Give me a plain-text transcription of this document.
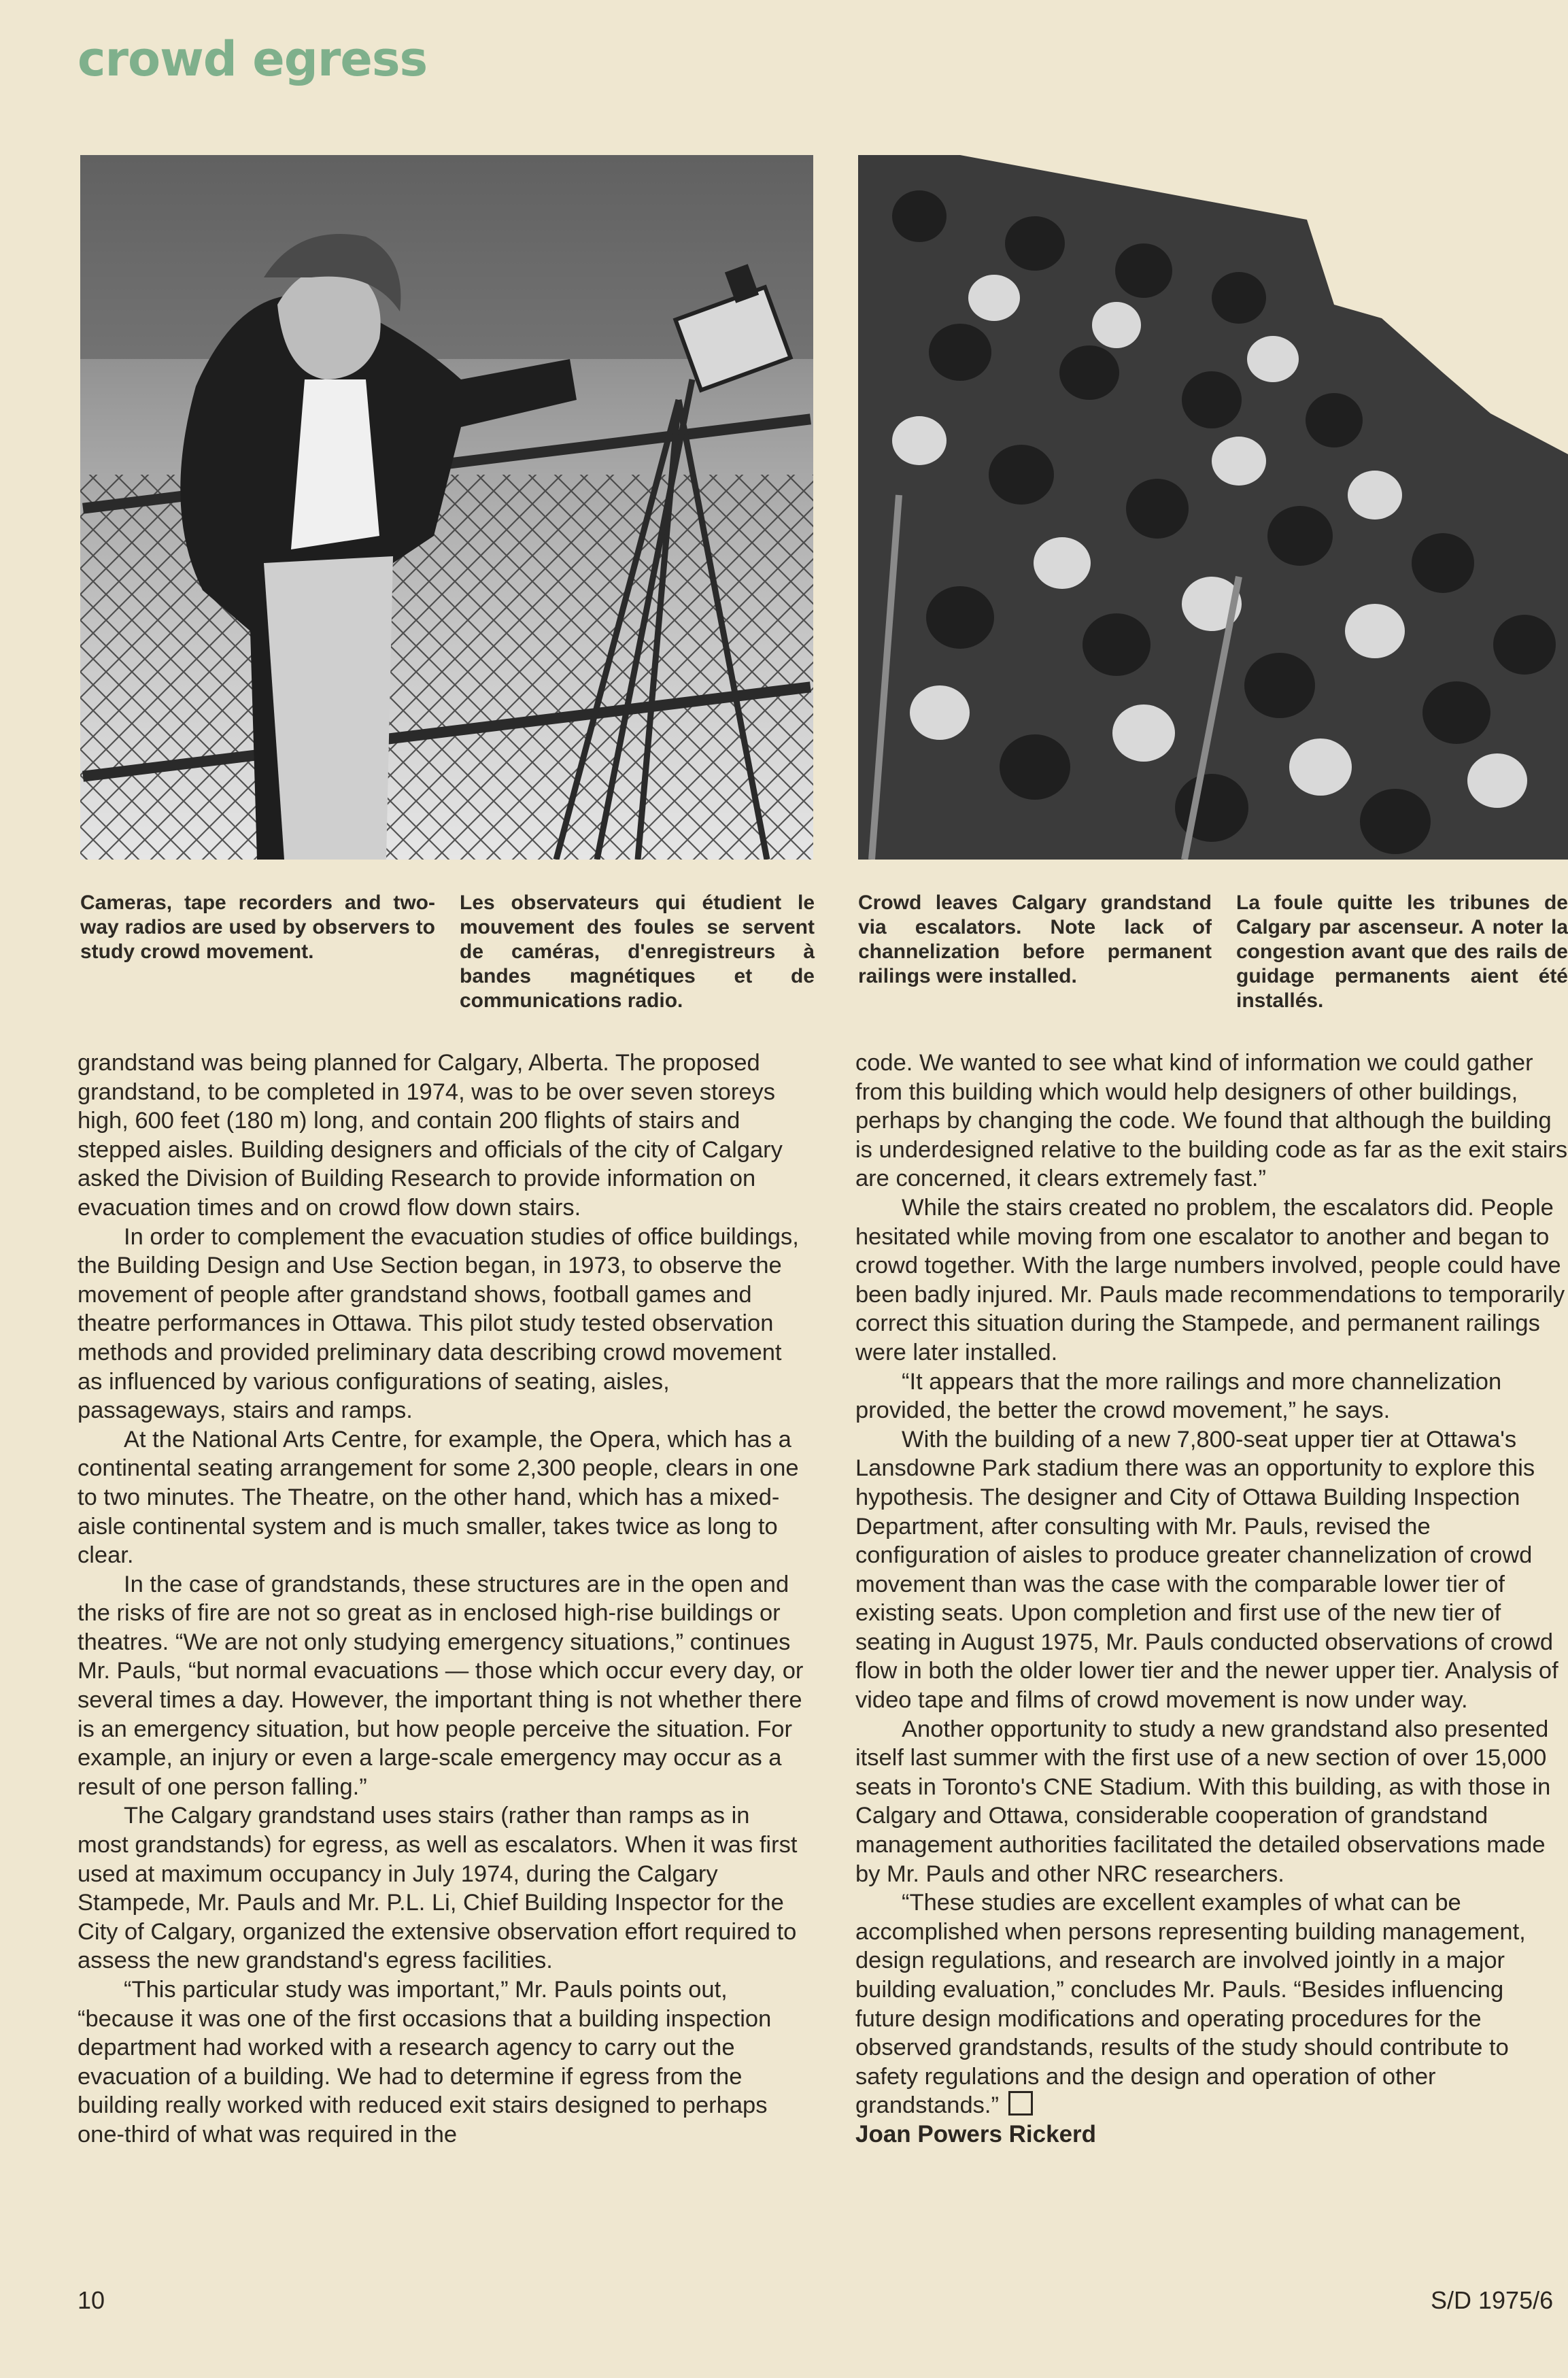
crowd egress

Cameras, tape recorders and two-way radios are used by observers to study crowd movement.

Les observateurs qui étudient le mouvement des foules se servent de caméras, d'enregistreurs à bandes magnétiques et de communications radio.

Crowd leaves Calgary grandstand via escalators. Note lack of channelization before permanent railings were installed.

La foule quitte les tribunes de Calgary par ascenseur. A noter la congestion avant que des rails de guidage permanents aient été installés.

grandstand was being planned for Calgary, Alberta. The proposed grandstand, to be completed in 1974, was to be over seven storeys high, 600 feet (180 m) long, and contain 200 flights of stairs and stepped aisles. Building designers and officials of the city of Calgary asked the Division of Building Research to provide information on evacuation times and on crowd flow down stairs.

In order to complement the evacuation studies of office buildings, the Building Design and Use Section began, in 1973, to observe the movement of people after grandstand shows, football games and theatre performances in Ottawa. This pilot study tested observation methods and provided preliminary data describing crowd movement as influenced by various configurations of seating, aisles, passageways, stairs and ramps.

At the National Arts Centre, for example, the Opera, which has a continental seating arrangement for some 2,300 people, clears in one to two minutes. The Theatre, on the other hand, which has a mixed-aisle continental system and is much smaller, takes twice as long to clear.

In the case of grandstands, these structures are in the open and the risks of fire are not so great as in enclosed high-rise buildings or theatres. “We are not only studying emergency situations,” continues Mr. Pauls, “but normal evacuations — those which occur every day, or several times a day. However, the important thing is not whether there is an emergency situation, but how people perceive the situation. For example, an injury or even a large-scale emergency may occur as a result of one person falling.”

The Calgary grandstand uses stairs (rather than ramps as in most grandstands) for egress, as well as escalators. When it was first used at maximum occupancy in July 1974, during the Calgary Stampede, Mr. Pauls and Mr. P.L. Li, Chief Building Inspector for the City of Calgary, organized the extensive observation effort required to assess the new grandstand's egress facilities.

“This particular study was important,” Mr. Pauls points out, “because it was one of the first occasions that a building inspection department had worked with a research agency to carry out the evacuation of a building. We had to determine if egress from the building really worked with reduced exit stairs designed to perhaps one-third of what was required in the

code. We wanted to see what kind of information we could gather from this building which would help designers of other buildings, perhaps by changing the code. We found that although the building is underdesigned relative to the building code as far as the exit stairs are concerned, it clears extremely fast.”

While the stairs created no problem, the escalators did. People hesitated while moving from one escalator to another and began to crowd together. With the large numbers involved, people could have been badly injured. Mr. Pauls made recommendations to temporarily correct this situation during the Stampede, and permanent railings were later installed.

“It appears that the more railings and more channelization provided, the better the crowd movement,” he says.

With the building of a new 7,800-seat upper tier at Ottawa's Lansdowne Park stadium there was an opportunity to explore this hypothesis. The designer and City of Ottawa Building Inspection Department, after consulting with Mr. Pauls, revised the configuration of aisles to produce greater channelization of crowd movement than was the case with the comparable lower tier of existing seats. Upon completion and first use of the new tier of seating in August 1975, Mr. Pauls conducted observations of crowd flow in both the older lower tier and the newer upper tier. Analysis of video tape and films of crowd movement is now under way.

Another opportunity to study a new grandstand also presented itself last summer with the first use of a new section of over 15,000 seats in Toronto's CNE Stadium. With this building, as with those in Calgary and Ottawa, considerable cooperation of grandstand management authorities facilitated the detailed observations made by Mr. Pauls and other NRC researchers.

“These studies are excellent examples of what can be accomplished when persons representing building management, design regulations, and research are involved jointly in a major building evaluation,” concludes Mr. Pauls. “Besides influencing future design modifications and operating procedures for the observed grandstands, results of the study should contribute to safety regulations and the design and operation of other grandstands.”

Joan Powers Rickerd

10	S/D 1975/6
